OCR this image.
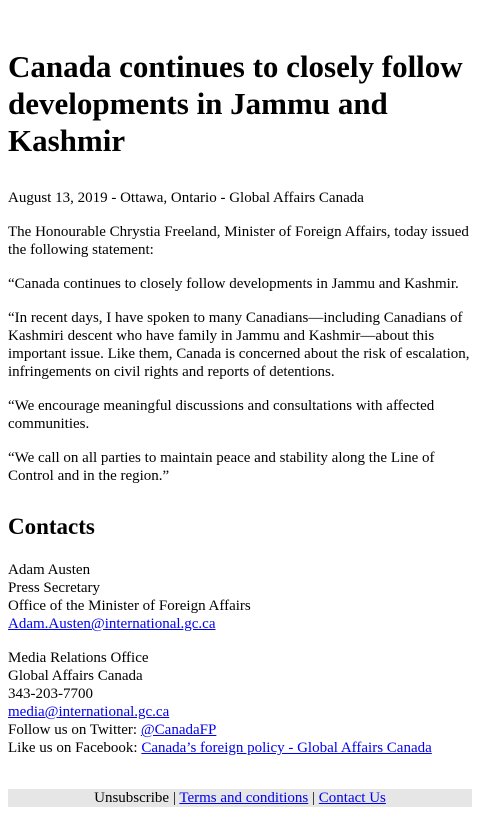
Canada continues to closely follow developments in Jammu and Kashmir
August 13, 2019 - Ottawa, Ontario - Global Affairs Canada

The Honourable Chrystia Freeland, Minister of Foreign Affairs, today issued the following statement:

“Canada continues to closely follow developments in Jammu and Kashmir.

“In recent days, I have spoken to many Canadians—including Canadians of Kashmiri descent who have family in Jammu and Kashmir—about this important issue. Like them, Canada is concerned about the risk of escalation, infringements on civil rights and reports of detentions.

“We encourage meaningful discussions and consultations with affected communities.

“We call on all parties to maintain peace and stability along the Line of Control and in the region.”

Contacts
Adam Austen
Press Secretary
Office of the Minister of Foreign Affairs
Adam.Austen@international.gc.ca
Media Relations Office
Global Affairs Canada
343-203-7700
media@international.gc.ca
Follow us on Twitter: @CanadaFP
Like us on Facebook: Canada’s foreign policy - Global Affairs Canada
Unsubscribe | Terms and conditions | Contact Us
